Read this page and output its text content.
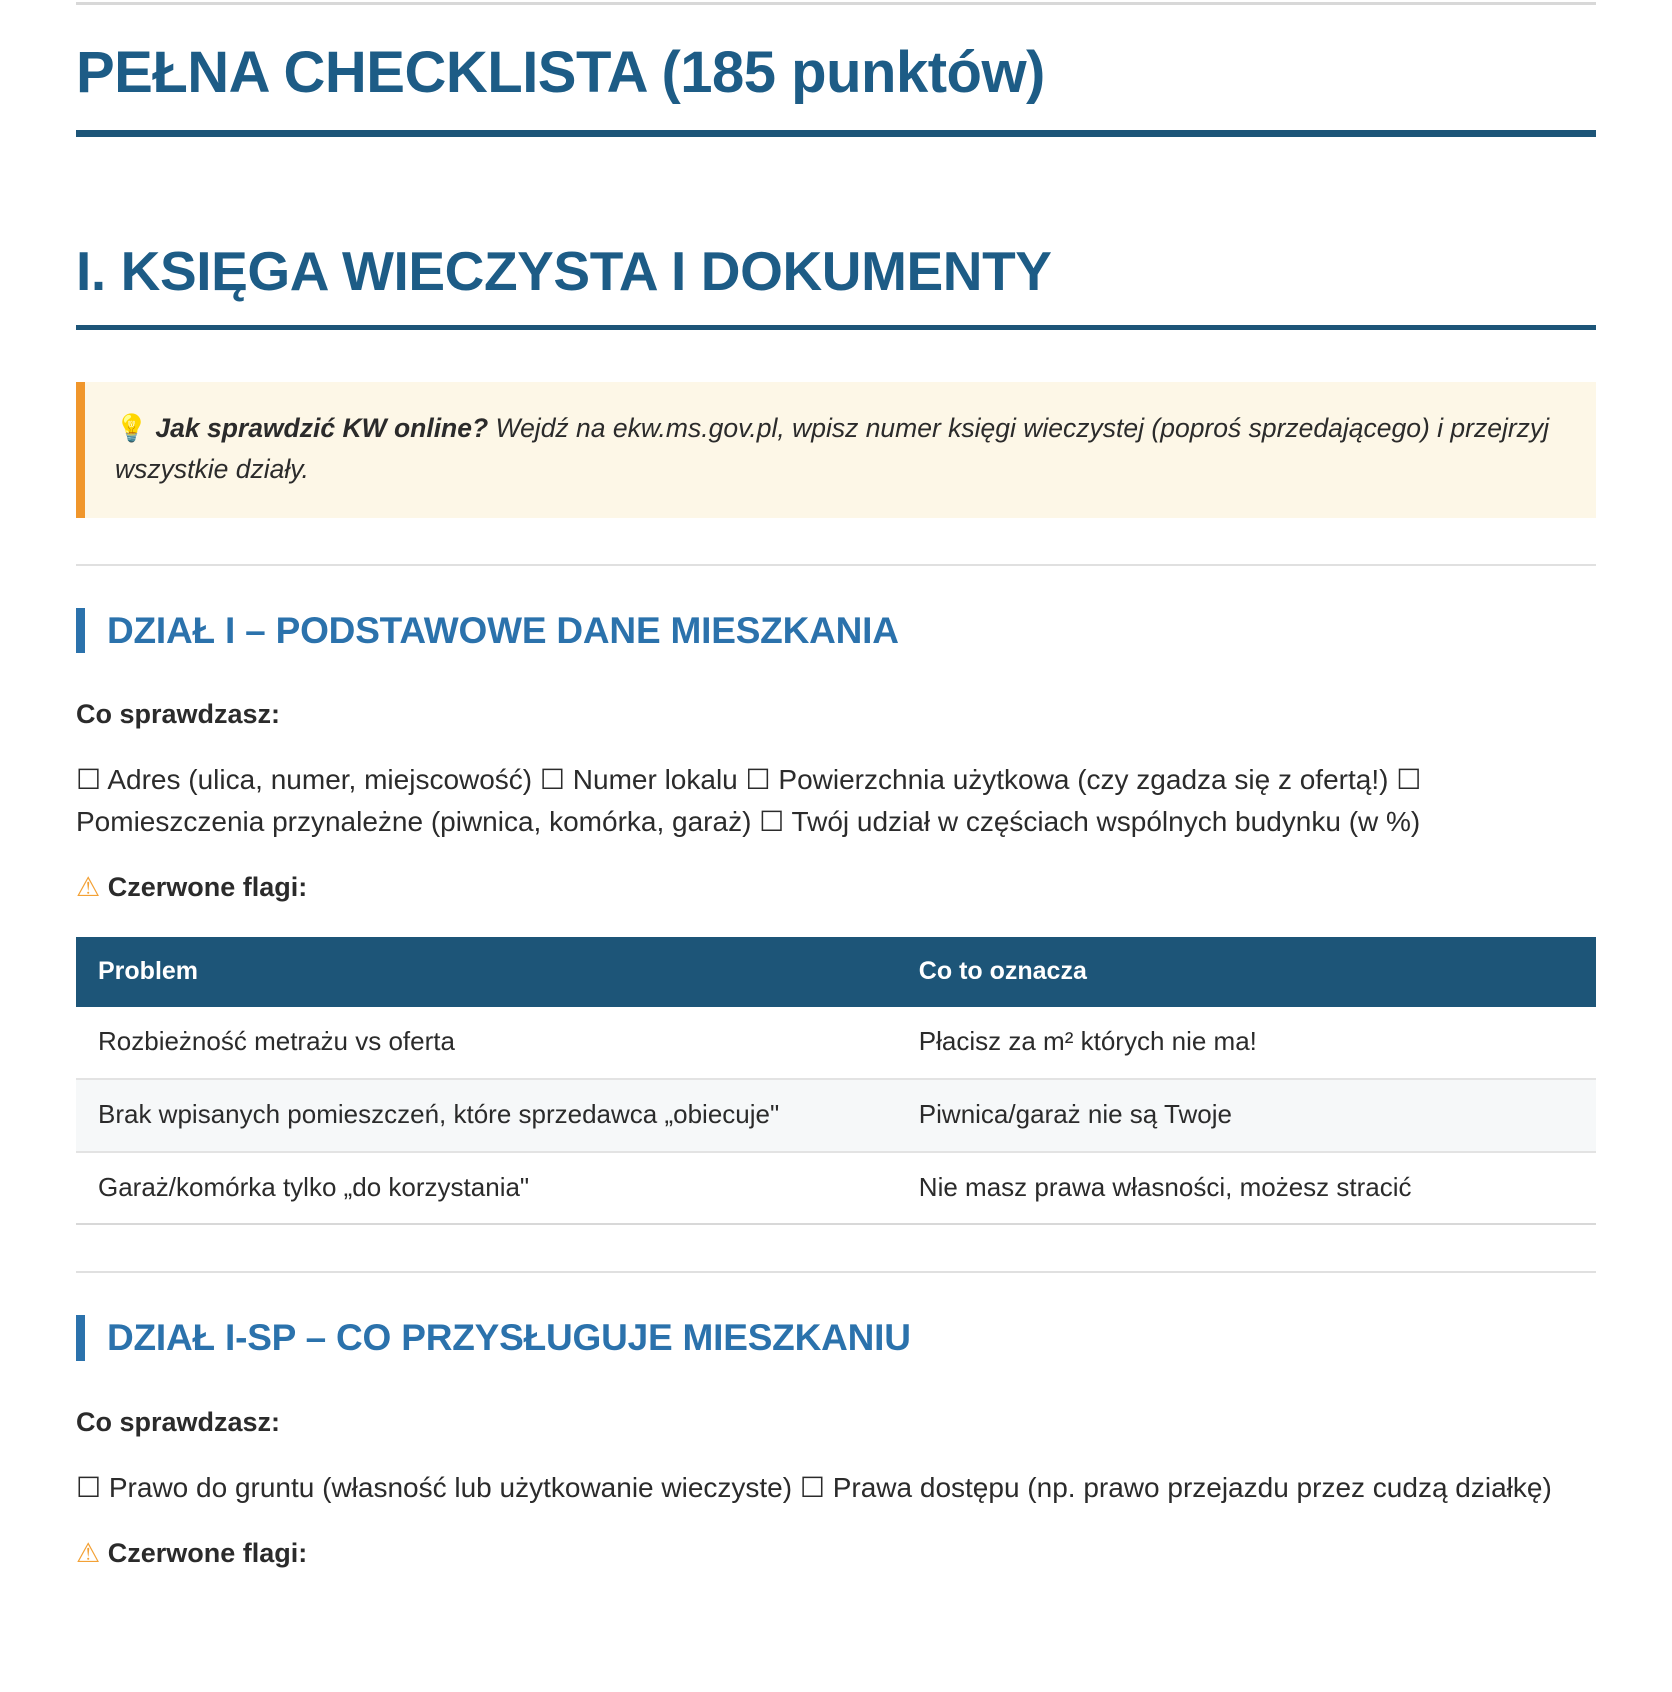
PEŁNA CHECKLISTA (185 punktów)
I. KSIĘGA WIECZYSTA I DOKUMENTY
💡 Jak sprawdzić KW online? Wejdź na ekw.ms.gov.pl, wpisz numer księgi wieczystej (poproś sprzedającego) i przejrzyj wszystkie działy.
DZIAŁ I – PODSTAWOWE DANE MIESZKANIA

Co sprawdzasz:

☐ Adres (ulica, numer, miejscowość) ☐ Numer lokalu ☐ Powierzchnia użytkowa (czy zgadza się z ofertą!) ☐ Pomieszczenia przynależne (piwnica, komórka, garaż) ☐ Twój udział w częściach wspólnych budynku (w %)

⚠ Czerwone flagi:

Problem	Co to oznacza
Rozbieżność metrażu vs oferta	Płacisz za m² których nie ma!
Brak wpisanych pomieszczeń, które sprzedawca „obiecuje"	Piwnica/garaż nie są Twoje
Garaż/komórka tylko „do korzystania"	Nie masz prawa własności, możesz stracić
DZIAŁ I-SP – CO PRZYSŁUGUJE MIESZKANIU

Co sprawdzasz:

☐ Prawo do gruntu (własność lub użytkowanie wieczyste) ☐ Prawa dostępu (np. prawo przejazdu przez cudzą działkę)

⚠ Czerwone flagi:
